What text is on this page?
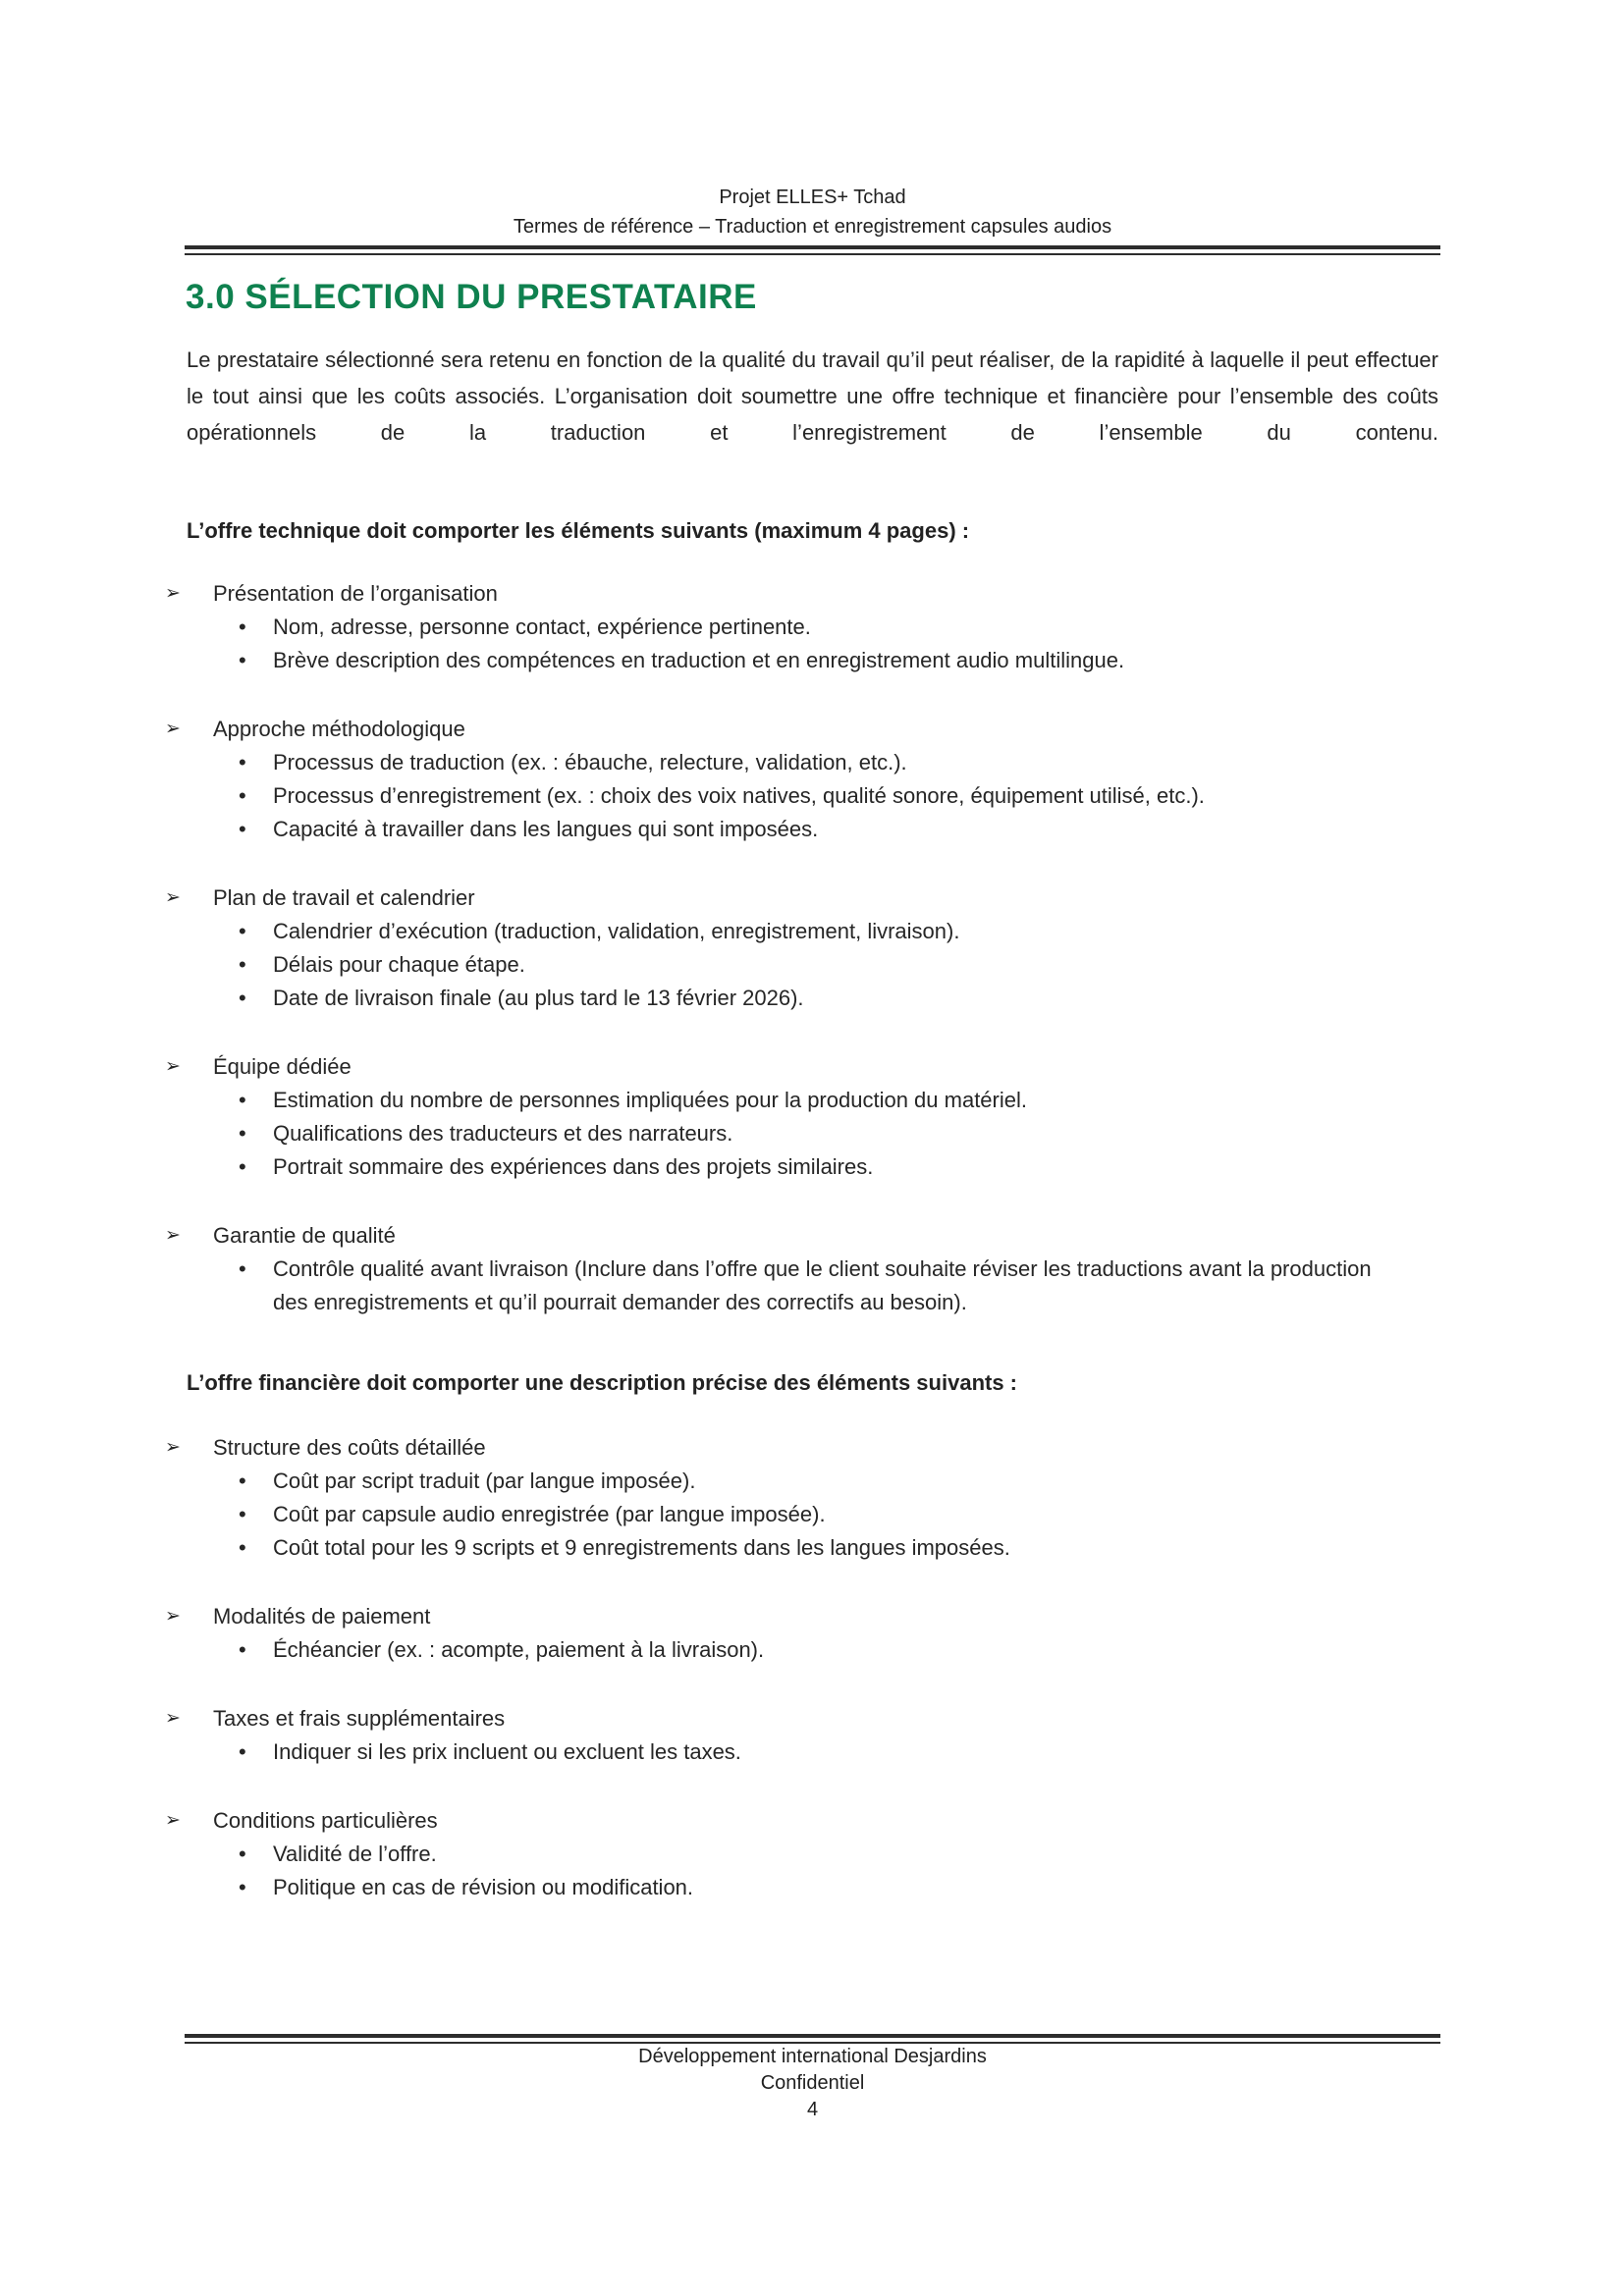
Projet ELLES+ Tchad
Termes de référence – Traduction et enregistrement capsules audios
3.0 SÉLECTION DU PRESTATAIRE

Le prestataire sélectionné sera retenu en fonction de la qualité du travail qu’il peut réaliser, de la rapidité à laquelle il peut effectuer le tout ainsi que les coûts associés. L’organisation doit soumettre une offre technique et financière pour l’ensemble des coûts opérationnels de la traduction et l’enregistrement de l’ensemble du contenu.

L’offre technique doit comporter les éléments suivants (maximum 4 pages) :
➢	Présentation de l’organisation
•	Nom, adresse, personne contact, expérience pertinente.
•	Brève description des compétences en traduction et en enregistrement audio multilingue.
➢	Approche méthodologique
•	Processus de traduction (ex. : ébauche, relecture, validation, etc.).
•	Processus d’enregistrement (ex. : choix des voix natives, qualité sonore, équipement utilisé, etc.).
•	Capacité à travailler dans les langues qui sont imposées.
➢	Plan de travail et calendrier
•	Calendrier d’exécution (traduction, validation, enregistrement, livraison).
•	Délais pour chaque étape.
•	Date de livraison finale (au plus tard le 13 février 2026).
➢	Équipe dédiée
•	Estimation du nombre de personnes impliquées pour la production du matériel.
•	Qualifications des traducteurs et des narrateurs.
•	Portrait sommaire des expériences dans des projets similaires.
➢	Garantie de qualité
•	Contrôle qualité avant livraison (Inclure dans l’offre que le client souhaite réviser les traductions avant la production des enregistrements et qu’il pourrait demander des correctifs au besoin).
L’offre financière doit comporter une description précise des éléments suivants :
➢	Structure des coûts détaillée
•	Coût par script traduit (par langue imposée).
•	Coût par capsule audio enregistrée (par langue imposée).
•	Coût total pour les 9 scripts et 9 enregistrements dans les langues imposées.
➢	Modalités de paiement
•	Échéancier (ex. : acompte, paiement à la livraison).
➢	Taxes et frais supplémentaires
•	Indiquer si les prix incluent ou excluent les taxes.
➢	Conditions particulières
•	Validité de l’offre.
•	Politique en cas de révision ou modification.
Développement international Desjardins
Confidentiel
4
